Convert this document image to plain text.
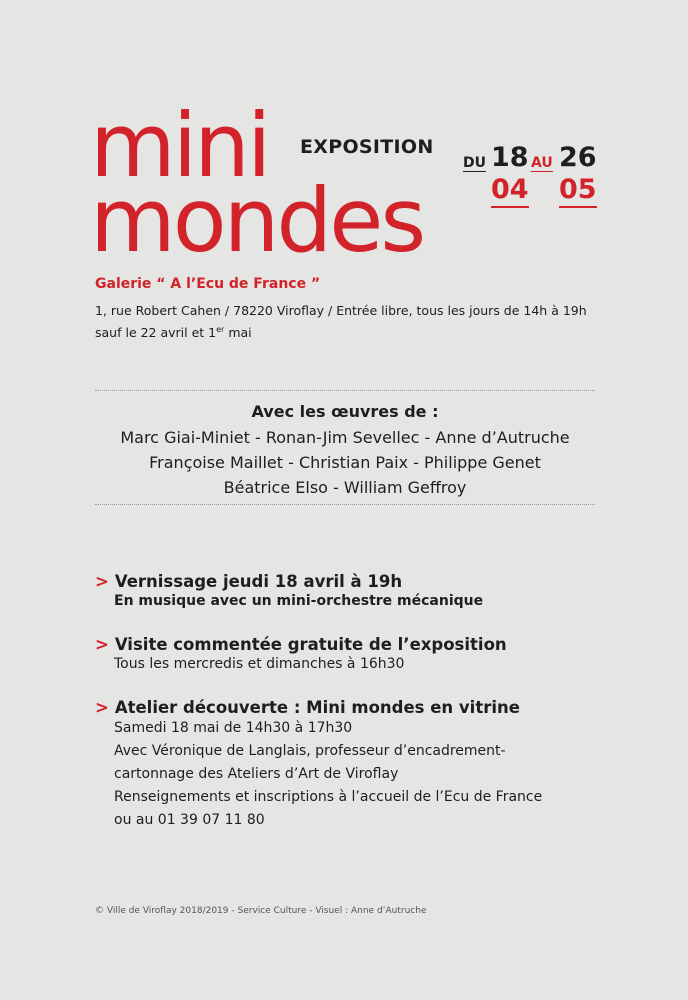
mini
mondes
EXPOSITION
DU 18 AU 26
04 05
Galerie “ A l’Ecu de France ”
1, rue Robert Cahen / 78220 Viroflay / Entrée libre, tous les jours de 14h à 19h
sauf le 22 avril et 1er mai
Avec les œuvres de :
Marc Giai-Miniet - Ronan-Jim Sevellec - Anne d’Autruche
Françoise Maillet - Christian Paix - Philippe Genet
Béatrice Elso - William Geffroy
> Vernissage jeudi 18 avril à 19h
En musique avec un mini-orchestre mécanique
> Visite commentée gratuite de l’exposition
Tous les mercredis et dimanches à 16h30
> Atelier découverte : Mini mondes en vitrine
Samedi 18 mai de 14h30 à 17h30
Avec Véronique de Langlais, professeur d’encadrement-
cartonnage des Ateliers d’Art de Viroflay
Renseignements et inscriptions à l’accueil de l’Ecu de France
ou au 01 39 07 11 80
© Ville de Viroflay 2018/2019 - Service Culture - Visuel : Anne d’Autruche
